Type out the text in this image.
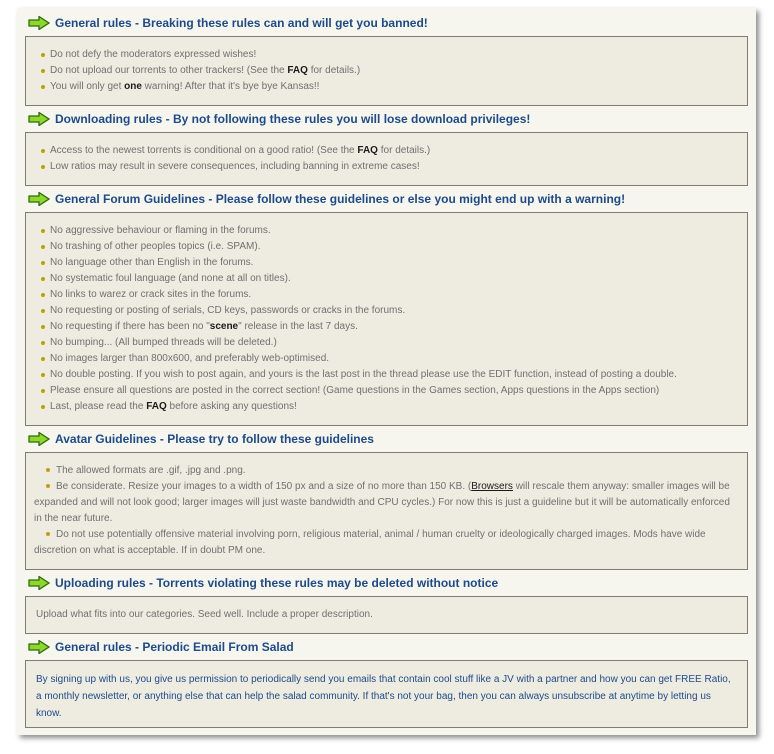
General rules - Breaking these rules can and will get you banned!
Do not defy the moderators expressed wishes!
Do not upload our torrents to other trackers! (See the FAQ for details.)
You will only get one warning! After that it's bye bye Kansas!!
Downloading rules - By not following these rules you will lose download privileges!
Access to the newest torrents is conditional on a good ratio! (See the FAQ for details.)
Low ratios may result in severe consequences, including banning in extreme cases!
General Forum Guidelines - Please follow these guidelines or else you might end up with a warning!
No aggressive behaviour or flaming in the forums.
No trashing of other peoples topics (i.e. SPAM).
No language other than English in the forums.
No systematic foul language (and none at all on titles).
No links to warez or crack sites in the forums.
No requesting or posting of serials, CD keys, passwords or cracks in the forums.
No requesting if there has been no "scene" release in the last 7 days.
No bumping... (All bumped threads will be deleted.)
No images larger than 800x600, and preferably web-optimised.
No double posting. If you wish to post again, and yours is the last post in the thread please use the EDIT function, instead of posting a double.
Please ensure all questions are posted in the correct section! (Game questions in the Games section, Apps questions in the Apps section)
Last, please read the FAQ before asking any questions!
Avatar Guidelines - Please try to follow these guidelines
The allowed formats are .gif, .jpg and .png.
Be considerate. Resize your images to a width of 150 px and a size of no more than 150 KB. (Browsers will rescale them anyway: smaller images will be expanded and will not look good; larger images will just waste bandwidth and CPU cycles.) For now this is just a guideline but it will be automatically enforced in the near future.
Do not use potentially offensive material involving porn, religious material, animal / human cruelty or ideologically charged images. Mods have wide discretion on what is acceptable. If in doubt PM one.
Uploading rules - Torrents violating these rules may be deleted without notice
Upload what fits into our categories. Seed well. Include a proper description.
General rules - Periodic Email From Salad
By signing up with us, you give us permission to periodically send you emails that contain cool stuff like a JV with a partner and how you can get FREE Ratio, a monthly newsletter, or anything else that can help the salad community. If that's not your bag, then you can always unsubscribe at anytime by letting us know.
